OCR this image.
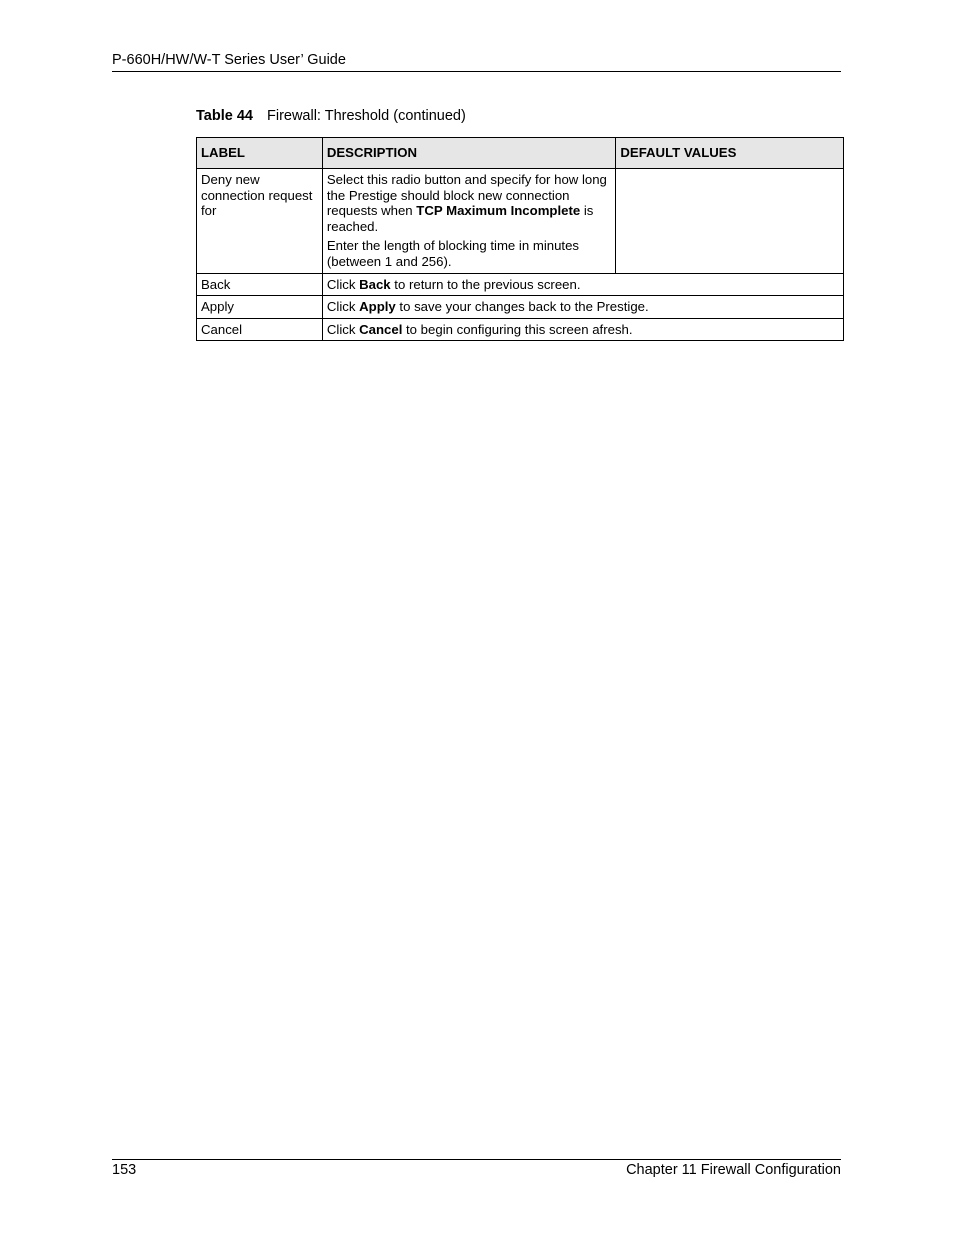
P-660H/HW/W-T Series User’ Guide
Table 44 Firewall: Threshold (continued)
LABEL	DESCRIPTION	DEFAULT VALUES
Deny new connection request for	Select this radio button and specify for how long the Prestige should block new connection requests when TCP Maximum Incomplete is reached.

Enter the length of blocking time in minutes (between 1 and 256).	

Back	Click Back to return to the previous screen.	
Apply	Click Apply to save your changes back to the Prestige.	
Cancel	Click Cancel to begin configuring this screen afresh.	
153	Chapter 11 Firewall Configuration
